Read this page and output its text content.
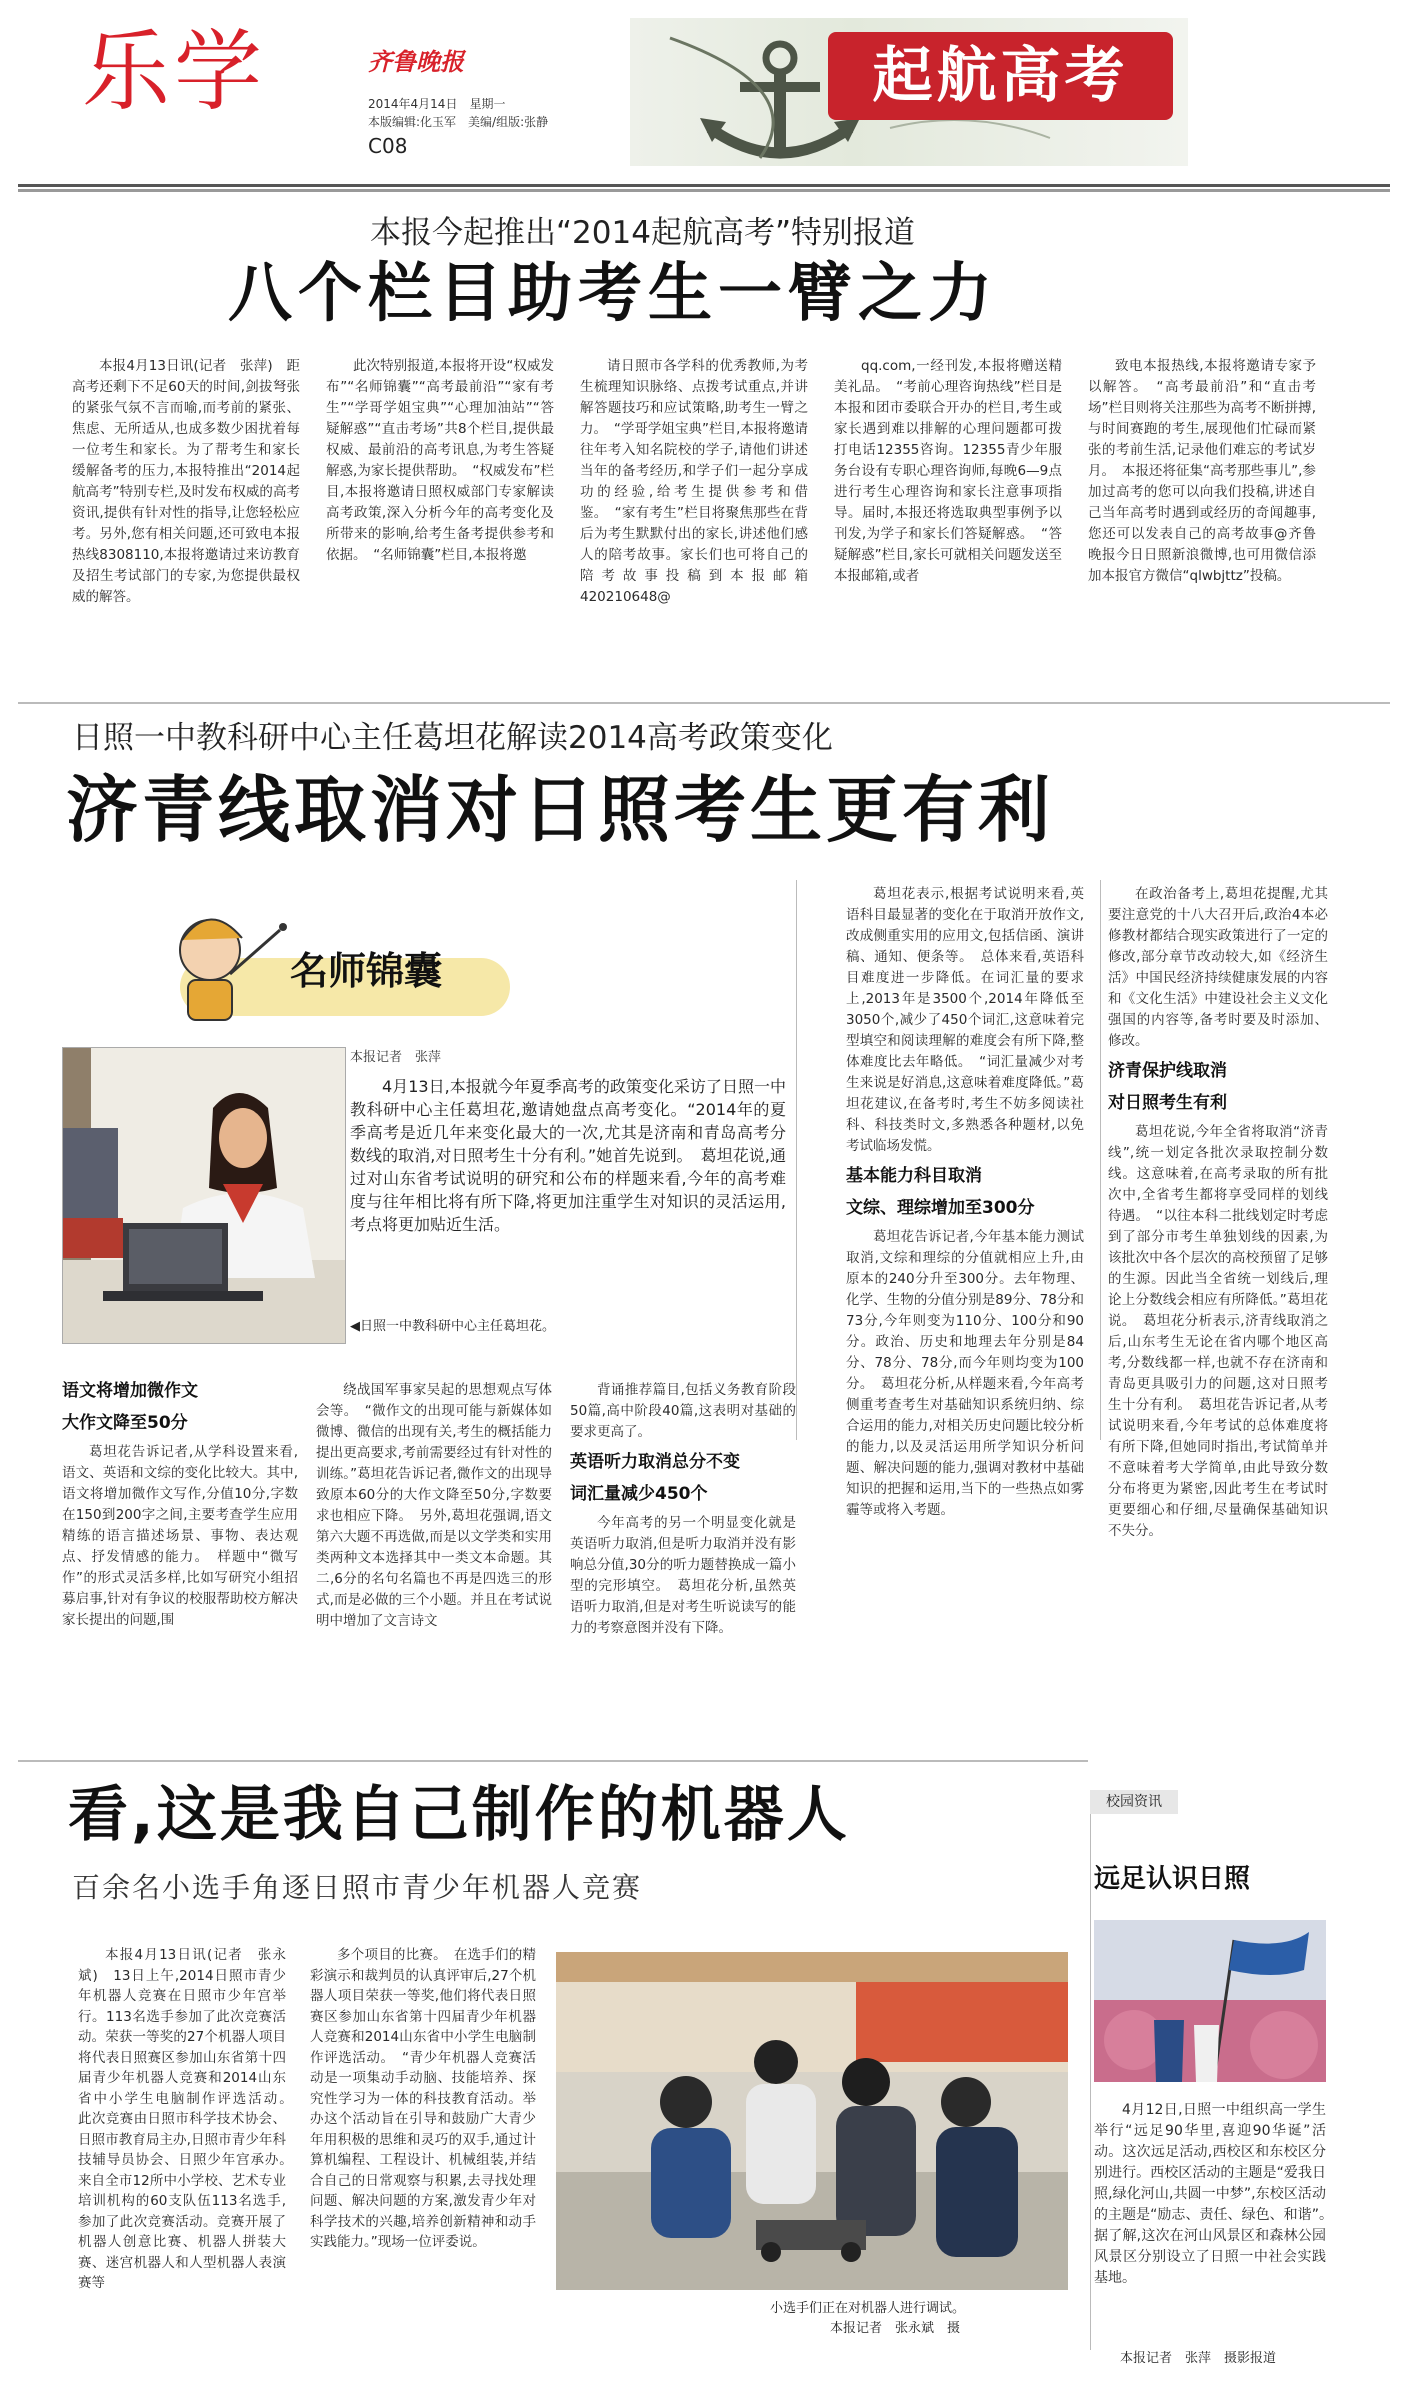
乐学	齐鲁晚报
2014年4月14日　星期一
本版编辑:化玉军　美编/组版:张静
C08
起航高考
本报今起推出“2014起航高考”特别报道
八个栏目助考生一臂之力

本报4月13日讯(记者　张萍)　距高考还剩下不足60天的时间,剑拔弩张的紧张气氛不言而喻,而考前的紧张、焦虑、无所适从,也成多数少困扰着每一位考生和家长。为了帮考生和家长缓解备考的压力,本报特推出“2014起航高考”特别专栏,及时发布权威的高考资讯,提供有针对性的指导,让您轻松应考。另外,您有相关问题,还可致电本报热线8308110,本报将邀请过来访教育及招生考试部门的专家,为您提供最权威的解答。

此次特别报道,本报将开设“权威发布”“名师锦囊”“高考最前沿”“家有考生”“学哥学姐宝典”“心理加油站”“答疑解惑”“直击考场”共8个栏目,提供最权威、最前沿的高考讯息,为考生答疑解惑,为家长提供帮助。　“权威发布”栏目,本报将邀请日照权威部门专家解读高考政策,深入分析今年的高考变化及所带来的影响,给考生备考提供参考和依据。　“名师锦囊”栏目,本报将邀

请日照市各学科的优秀教师,为考生梳理知识脉络、点拨考试重点,并讲解答题技巧和应试策略,助考生一臂之力。　“学哥学姐宝典”栏目,本报将邀请往年考入知名院校的学子,请他们讲述当年的备考经历,和学子们一起分享成功的经验,给考生提供参考和借鉴。　“家有考生”栏目将聚焦那些在背后为考生默默付出的家长,讲述他们感人的陪考故事。家长们也可将自己的陪考故事投稿到本报邮箱420210648@

qq.com,一经刊发,本报将赠送精美礼品。　“考前心理咨询热线”栏目是本报和团市委联合开办的栏目,考生或家长遇到难以排解的心理问题都可拨打电话12355咨询。12355青少年服务台设有专职心理咨询师,每晚6—9点进行考生心理咨询和家长注意事项指导。届时,本报还将选取典型事例予以刊发,为学子和家长们答疑解惑。　“答疑解惑”栏目,家长可就相关问题发送至本报邮箱,或者

致电本报热线,本报将邀请专家予以解答。　“高考最前沿”和“直击考场”栏目则将关注那些为高考不断拼搏,与时间赛跑的考生,展现他们忙碌而紧张的考前生活,记录他们难忘的考试岁月。　本报还将征集“高考那些事儿”,参加过高考的您可以向我们投稿,讲述自己当年高考时遇到或经历的奇闻趣事,您还可以发表自己的高考故事@齐鲁晚报今日日照新浪微博,也可用微信添加本报官方微信“qlwbjttz”投稿。

日照一中教科研中心主任葛坦花解读2014高考政策变化
济青线取消对日照考生更有利
名师锦囊
本报记者　张萍

4月13日,本报就今年夏季高考的政策变化采访了日照一中教科研中心主任葛坦花,邀请她盘点高考变化。“2014年的夏季高考是近几年来变化最大的一次,尤其是济南和青岛高考分数线的取消,对日照考生十分有利。”她首先说到。　葛坦花说,通过对山东省考试说明的研究和公布的样题来看,今年的高考难度与往年相比将有所下降,将更加注重学生对知识的灵活运用,考点将更加贴近生活。

◀日照一中教科研中心主任葛坦花。

葛坦花表示,根据考试说明来看,英语科目最显著的变化在于取消开放作文,改成侧重实用的应用文,包括信函、演讲稿、通知、便条等。　总体来看,英语科目难度进一步降低。在词汇量的要求上,2013年是3500个,2014年降低至3050个,减少了450个词汇,这意味着完型填空和阅读理解的难度会有所下降,整体难度比去年略低。　“词汇量减少对考生来说是好消息,这意味着难度降低。”葛坦花建议,在备考时,考生不妨多阅读社科、科技类时文,多熟悉各种题材,以免考试临场发慌。

基本能力科目取消
文综、理综增加至300分

葛坦花告诉记者,今年基本能力测试取消,文综和理综的分值就相应上升,由原本的240分升至300分。去年物理、化学、生物的分值分别是89分、78分和73分,今年则变为110分、100分和90分。政治、历史和地理去年分别是84分、78分、78分,而今年则均变为100分。　葛坦花分析,从样题来看,今年高考侧重考查考生对基础知识系统归纳、综合运用的能力,对相关历史问题比较分析的能力,以及灵活运用所学知识分析问题、解决问题的能力,强调对教材中基础知识的把握和运用,当下的一些热点如雾霾等或将入考题。

在政治备考上,葛坦花提醒,尤其要注意党的十八大召开后,政治4本必修教材都结合现实政策进行了一定的修改,部分章节改动较大,如《经济生活》中国民经济持续健康发展的内容和《文化生活》中建设社会主义文化强国的内容等,备考时要及时添加、修改。

济青保护线取消
对日照考生有利

葛坦花说,今年全省将取消“济青线”,统一划定各批次录取控制分数线。这意味着,在高考录取的所有批次中,全省考生都将享受同样的划线待遇。　“以往本科二批线划定时考虑到了部分市考生单独划线的因素,为该批次中各个层次的高校预留了足够的生源。因此当全省统一划线后,理论上分数线会相应有所降低。”葛坦花说。　葛坦花分析表示,济青线取消之后,山东考生无论在省内哪个地区高考,分数线都一样,也就不存在济南和青岛更具吸引力的问题,这对日照考生十分有利。　葛坦花告诉记者,从考试说明来看,今年考试的总体难度将有所下降,但她同时指出,考试简单并不意味着考大学简单,由此导致分数分布将更为紧密,因此考生在考试时更要细心和仔细,尽量确保基础知识不失分。

语文将增加微作文
大作文降至50分

葛坦花告诉记者,从学科设置来看,语文、英语和文综的变化比较大。其中,语文将增加微作文写作,分值10分,字数在150到200字之间,主要考查学生应用精练的语言描述场景、事物、表达观点、抒发情感的能力。　样题中“微写作”的形式灵活多样,比如写研究小组招募启事,针对有争议的校服帮助校方解决家长提出的问题,围

绕战国军事家吴起的思想观点写体会等。　“微作文的出现可能与新媒体如微博、微信的出现有关,考生的概括能力提出更高要求,考前需要经过有针对性的训练。”葛坦花告诉记者,微作文的出现导致原本60分的大作文降至50分,字数要求也相应下降。　另外,葛坦花强调,语文第六大题不再选做,而是以文学类和实用类两种文本选择其中一类文本命题。其二,6分的名句名篇也不再是四选三的形式,而是必做的三个小题。并且在考试说明中增加了文言诗文

背诵推荐篇目,包括义务教育阶段50篇,高中阶段40篇,这表明对基础的要求更高了。

英语听力取消总分不变
词汇量减少450个

今年高考的另一个明显变化就是英语听力取消,但是听力取消并没有影响总分值,30分的听力题替换成一篇小型的完形填空。　葛坦花分析,虽然英语听力取消,但是对考生听说读写的能力的考察意图并没有下降。

看,这是我自己制作的机器人
百余名小选手角逐日照市青少年机器人竞赛

本报4月13日讯(记者　张永斌)　13日上午,2014日照市青少年机器人竞赛在日照市少年宫举行。113名选手参加了此次竞赛活动。荣获一等奖的27个机器人项目将代表日照赛区参加山东省第十四届青少年机器人竞赛和2014山东省中小学生电脑制作评选活动。　此次竞赛由日照市科学技术协会、日照市教育局主办,日照市青少年科技辅导员协会、日照少年宫承办。　来自全市12所中小学校、艺术专业培训机构的60支队伍113名选手,参加了此次竞赛活动。竞赛开展了机器人创意比赛、机器人拼装大赛、迷宫机器人和人型机器人表演赛等

多个项目的比赛。　在选手们的精彩演示和裁判员的认真评审后,27个机器人项目荣获一等奖,他们将代表日照赛区参加山东省第十四届青少年机器人竞赛和2014山东省中小学生电脑制作评选活动。　“青少年机器人竞赛活动是一项集动手动脑、技能培养、探究性学习为一体的科技教育活动。举办这个活动旨在引导和鼓励广大青少年用积极的思维和灵巧的双手,通过计算机编程、工程设计、机械组装,并结合自己的日常观察与积累,去寻找处理问题、解决问题的方案,激发青少年对科学技术的兴趣,培养创新精神和动手实践能力。”现场一位评委说。

小选手们正在对机器人进行调试。
本报记者　张永斌　摄
校园资讯
远足认识日照

4月12日,日照一中组织高一学生举行“远足90华里,喜迎90华诞”活动。这次远足活动,西校区和东校区分别进行。西校区活动的主题是“爱我日照,绿化河山,共圆一中梦”,东校区活动的主题是“励志、责任、绿色、和谐”。　据了解,这次在河山风景区和森林公园风景区分别设立了日照一中社会实践基地。

本报记者　张萍　摄影报道
